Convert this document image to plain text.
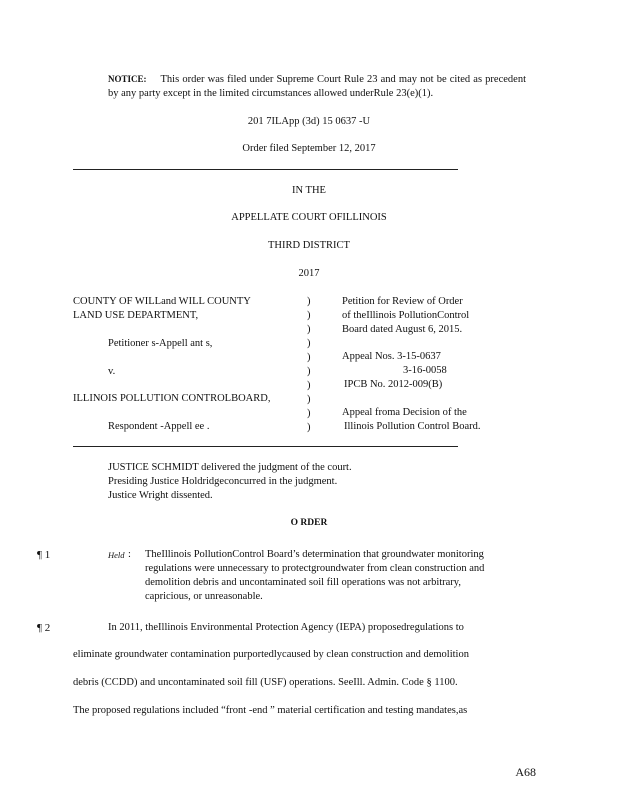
NOTICE: This order was filed under Supreme Court Rule 23 and may not be cited as precedent by any party except in the limited circumstances allowed underRule 23(e)(1).
201 7ILApp (3d) 15 0637 -U
Order filed September 12, 2017
IN THE
APPELLATE COURT OFILLINOIS
THIRD DISTRICT
2017
COUNTY OF WILLand WILL COUNTY
LAND USE DEPARTMENT,
Petitioner s-Appell ant s,
v.
ILLINOIS POLLUTION CONTROLBOARD,
Respondent -Appell ee .
)
)
)
)
)
)
)
)
)
)
Petition for Review of Order
of theIllinois PollutionControl
Board dated August 6, 2015.
Appeal Nos. 3-15-0637
3-16-0058
IPCB No. 2012-009(B)
Appeal froma Decision of the
Illinois Pollution Control Board.
JUSTICE SCHMIDT delivered the judgment of the court.
Presiding Justice Holdridgeconcurred in the judgment.
Justice Wright dissented.
O RDER
¶ 1	Held : TheIllinois PollutionControl Board’s determination that groundwater monitoring
regulations were unnecessary to protectgroundwater from clean construction and
demolition debris and uncontaminated soil fill operations was not arbitrary,
capricious, or unreasonable.
¶ 2	In 2011, theIllinois Environmental Protection Agency (IEPA) proposedregulations to
eliminate groundwater contamination purportedlycaused by clean construction and demolition
debris (CCDD) and uncontaminated soil fill (USF) operations. SeeIll. Admin. Code § 1100.
The proposed regulations included “front -end ” material certification and testing mandates,as
A68
